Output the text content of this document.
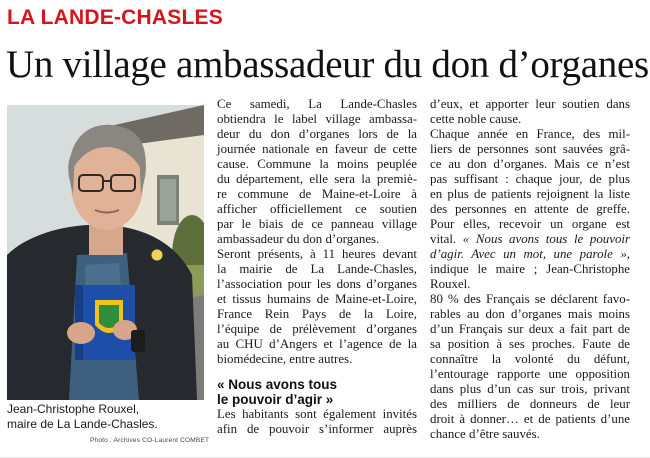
LA LANDE-CHASLES
Un village ambassadeur du don d’organes
Jean-Christophe Rouxel,
maire de La Lande-Chasles.
Photo : Archives CO-Laurent COMBET

Ce samedi, La Lande-Chasles
obtiendra le label village ambassa-
deur du don d’organes lors de la
journée nationale en faveur de cette
cause. Commune la moins peuplée
du département, elle sera la premiè-
re commune de Maine-et-Loire à
afficher officiellement ce soutien
par le biais de ce panneau village
ambassadeur du don d’organes.

Seront présents, à 11 heures devant
la mairie de La Lande-Chasles,
l’association pour les dons d’organes
et tissus humains de Maine-et-Loire,
France Rein Pays de la Loire,
l’équipe de prélèvement d’organes
au CHU d’Angers et l’agence de la
biomédecine, entre autres.

« Nous avons tous
le pouvoir d’agir »

Les habitants sont également invités
afin de pouvoir s’informer auprès

d’eux, et apporter leur soutien dans
cette noble cause.

Chaque année en France, des mil-
liers de personnes sont sauvées grâ-
ce au don d’organes. Mais ce n’est
pas suffisant : chaque jour, de plus
en plus de patients rejoignent la liste
des personnes en attente de greffe.
Pour elles, recevoir un organe est
vital. « Nous avons tous le pouvoir
d’agir. Avec un mot, une parole »,
indique le maire ; Jean-Christophe
Rouxel.

80 % des Français se déclarent favo-
rables au don d’organes mais moins
d’un Français sur deux a fait part de
sa position à ses proches. Faute de
connaître la volonté du défunt,
l’entourage rapporte une opposition
dans plus d’un cas sur trois, privant
des milliers de donneurs de leur
droit à donner… et de patients d’une
chance d’être sauvés.
